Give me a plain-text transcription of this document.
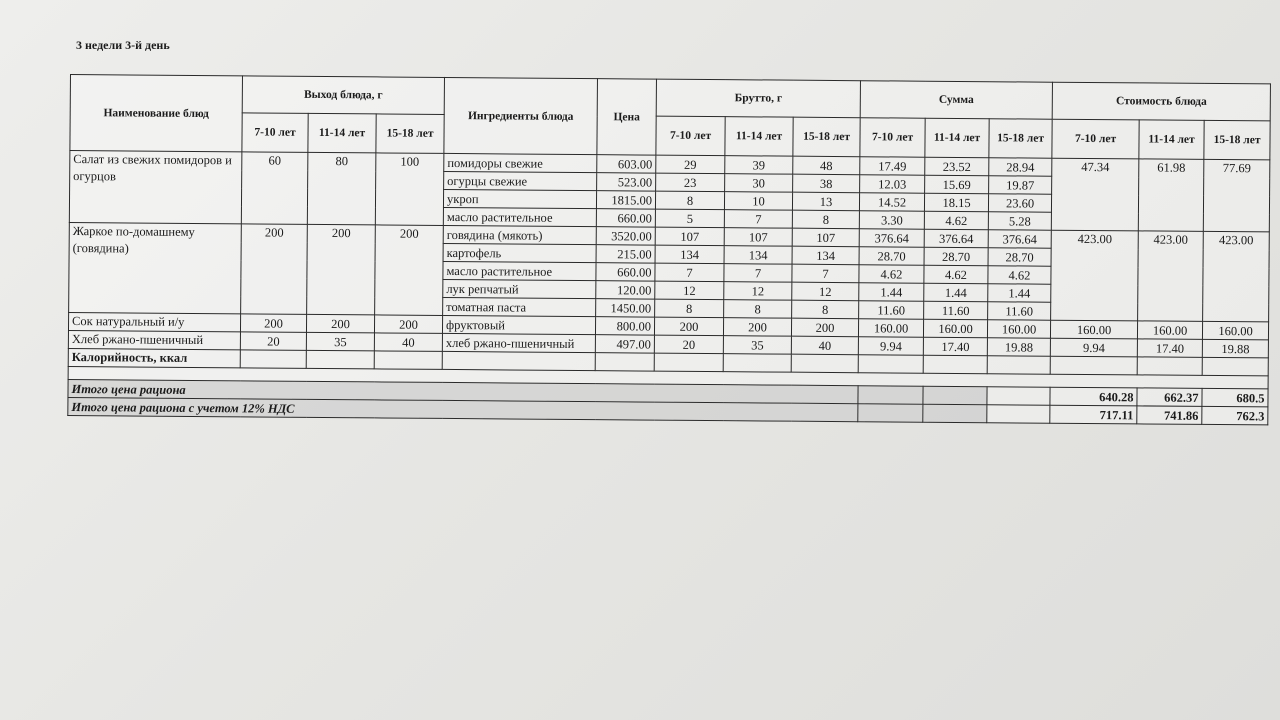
3 недели 3-й день
Наименование блюд	Выход блюда, г			Ингредиенты блюда	Цена	Брутто, г			Сумма			Стоимость блюда		
	7-10 лет	11-14 лет	15-18 лет			7-10 лет	11-14 лет	15-18 лет	7-10 лет	11-14 лет	15-18 лет	7-10 лет	11-14 лет	15-18 лет
Салат из свежих помидоров и огурцов	60	80	100	помидоры свежие	603.00	29	39	48	17.49	23.52	28.94	47.34	61.98	77.69
				огурцы свежие	523.00	23	30	38	12.03	15.69	19.87			
				укроп	1815.00	8	10	13	14.52	18.15	23.60			
				масло растительное	660.00	5	7	8	3.30	4.62	5.28			
Жаркое по-домашнему (говядина)	200	200	200	говядина (мякоть)	3520.00	107	107	107	376.64	376.64	376.64	423.00	423.00	423.00
				картофель	215.00	134	134	134	28.70	28.70	28.70			
				масло растительное	660.00	7	7	7	4.62	4.62	4.62			
				лук репчатый	120.00	12	12	12	1.44	1.44	1.44			
				томатная паста	1450.00	8	8	8	11.60	11.60	11.60			
Сок натуральный и/у	200	200	200	фруктовый	800.00	200	200	200	160.00	160.00	160.00	160.00	160.00	160.00
Хлеб ржано-пшеничный	20	35	40	хлеб ржано-пшеничный	497.00	20	35	40	9.94	17.40	19.88	9.94	17.40	19.88
Калорийность, ккал														

Итого цена рациона												640.28	662.37	680.5
Итого цена рациона с учетом 12% НДС												717.11	741.86	762.3
